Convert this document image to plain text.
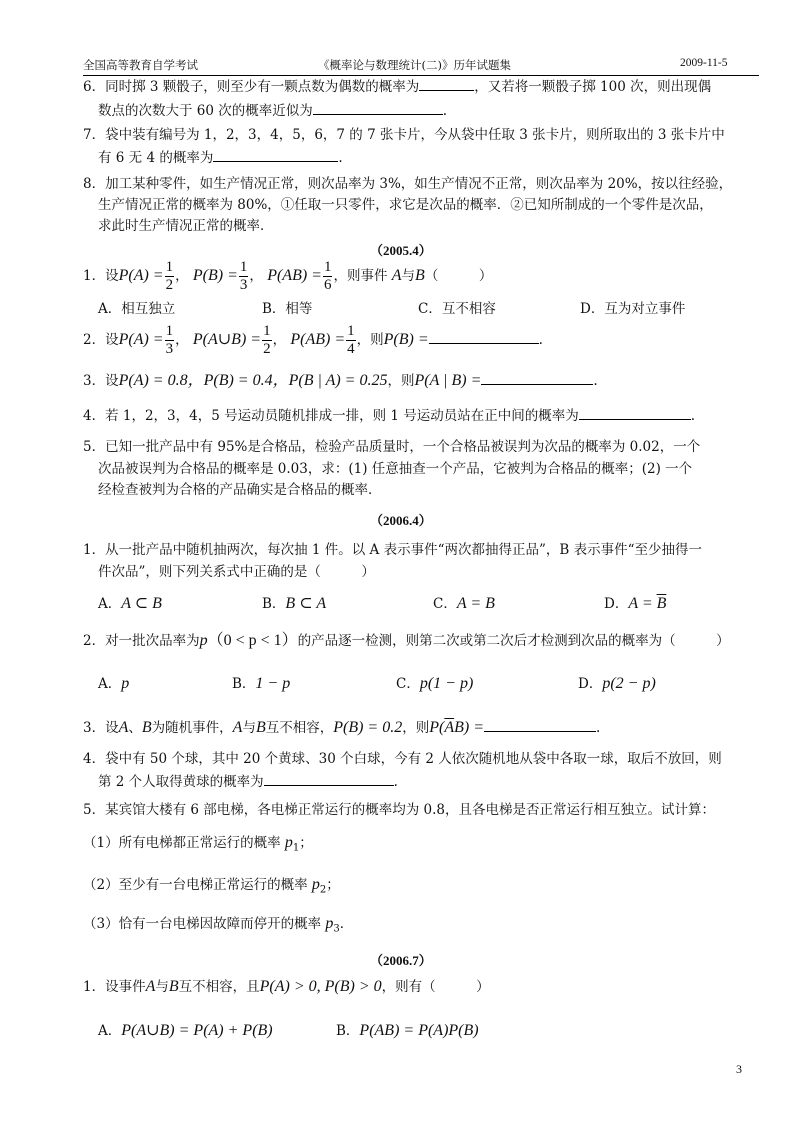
全国高等教育自学考试	《概率论与数理统计(二)》历年试题集	2009-11-5
6．同时掷 3 颗骰子，则至少有一颗点数为偶数的概率为	，又若将一颗骰子掷 100 次，则出现偶
数点的次数大于 60 次的概率近似为	.
7．袋中装有编号为 1，2，3，4，5，6，7 的 7 张卡片，今从袋中任取 3 张卡片，则所取出的 3 张卡片中
有 6 无 4 的概率为	.
8．加工某种零件，如生产情况正常，则次品率为 3%，如生产情况不正常，则次品率为 20%，按以往经验，
生产情况正常的概率为 80%，①任取一只零件，求它是次品的概率．②已知所制成的一个零件是次品，
求此时生产情况正常的概率．
（2005.4）
1．设$P(A) = \frac{1}{2}$ ， $P(B) = \frac{1}{3}$ ， $P(AB) = \frac{1}{6}$ ，则事件 A与B（　　　）
A．相互独立	B．相等	C．互不相容	D．互为对立事件
2．设$P(A) = \frac{1}{3}$ ， P(A∪B) = $\frac{1}{2}$ ， $P(AB) = \frac{1}{4}$ ，则P(B) =	.
3．设P(A) = 0.8，P(B) = 0.4，P(B | A) = 0.25，则P(A | B) =	.
4．若 1，2，3，4，5 号运动员随机排成一排，则 1 号运动员站在正中间的概率为	.
5．已知一批产品中有 95%是合格品，检验产品质量时，一个合格品被误判为次品的概率为 0.02，一个
次品被误判为合格品的概率是 0.03，求：(1) 任意抽查一个产品，它被判为合格品的概率；(2) 一个
经检查被判为合格的产品确实是合格品的概率．
（2006.4）
1．从一批产品中随机抽两次，每次抽 1 件。以 A 表示事件“两次都抽得正品”，B 表示事件“至少抽得一
件次品”，则下列关系式中正确的是（　　　）
A．A ⊂ B	B．B ⊂ A	C．A = B	D．$A = \overline{B}$
2．对一批次品率为p（0 < p < 1）的产品逐一检测，则第二次或第二次后才检测到次品的概率为（　　　）
A．p	B．1 − p	C．p(1 − p)	D．p(2 − p)
3．设A、B为随机事件，A与B互不相容，P(B) = 0.2，则$P(\overline{A}B)$ =	.
4．袋中有 50 个球，其中 20 个黄球、30 个白球，今有 2 人依次随机地从袋中各取一球，取后不放回，则
第 2 个人取得黄球的概率为	.
5．某宾馆大楼有 6 部电梯，各电梯正常运行的概率均为 0.8，且各电梯是否正常运行相互独立。试计算：
（1）所有电梯都正常运行的概率 $p_1$；
（2）至少有一台电梯正常运行的概率 $p_2$；
（3）恰有一台电梯因故障而停开的概率 $p_3$．
（2006.7）
1．设事件A与B互不相容，且P(A) > 0, P(B) > 0，则有（　　　）
A．P(A∪B) = P(A) + P(B)	B．P(AB) = P(A)P(B)
3
